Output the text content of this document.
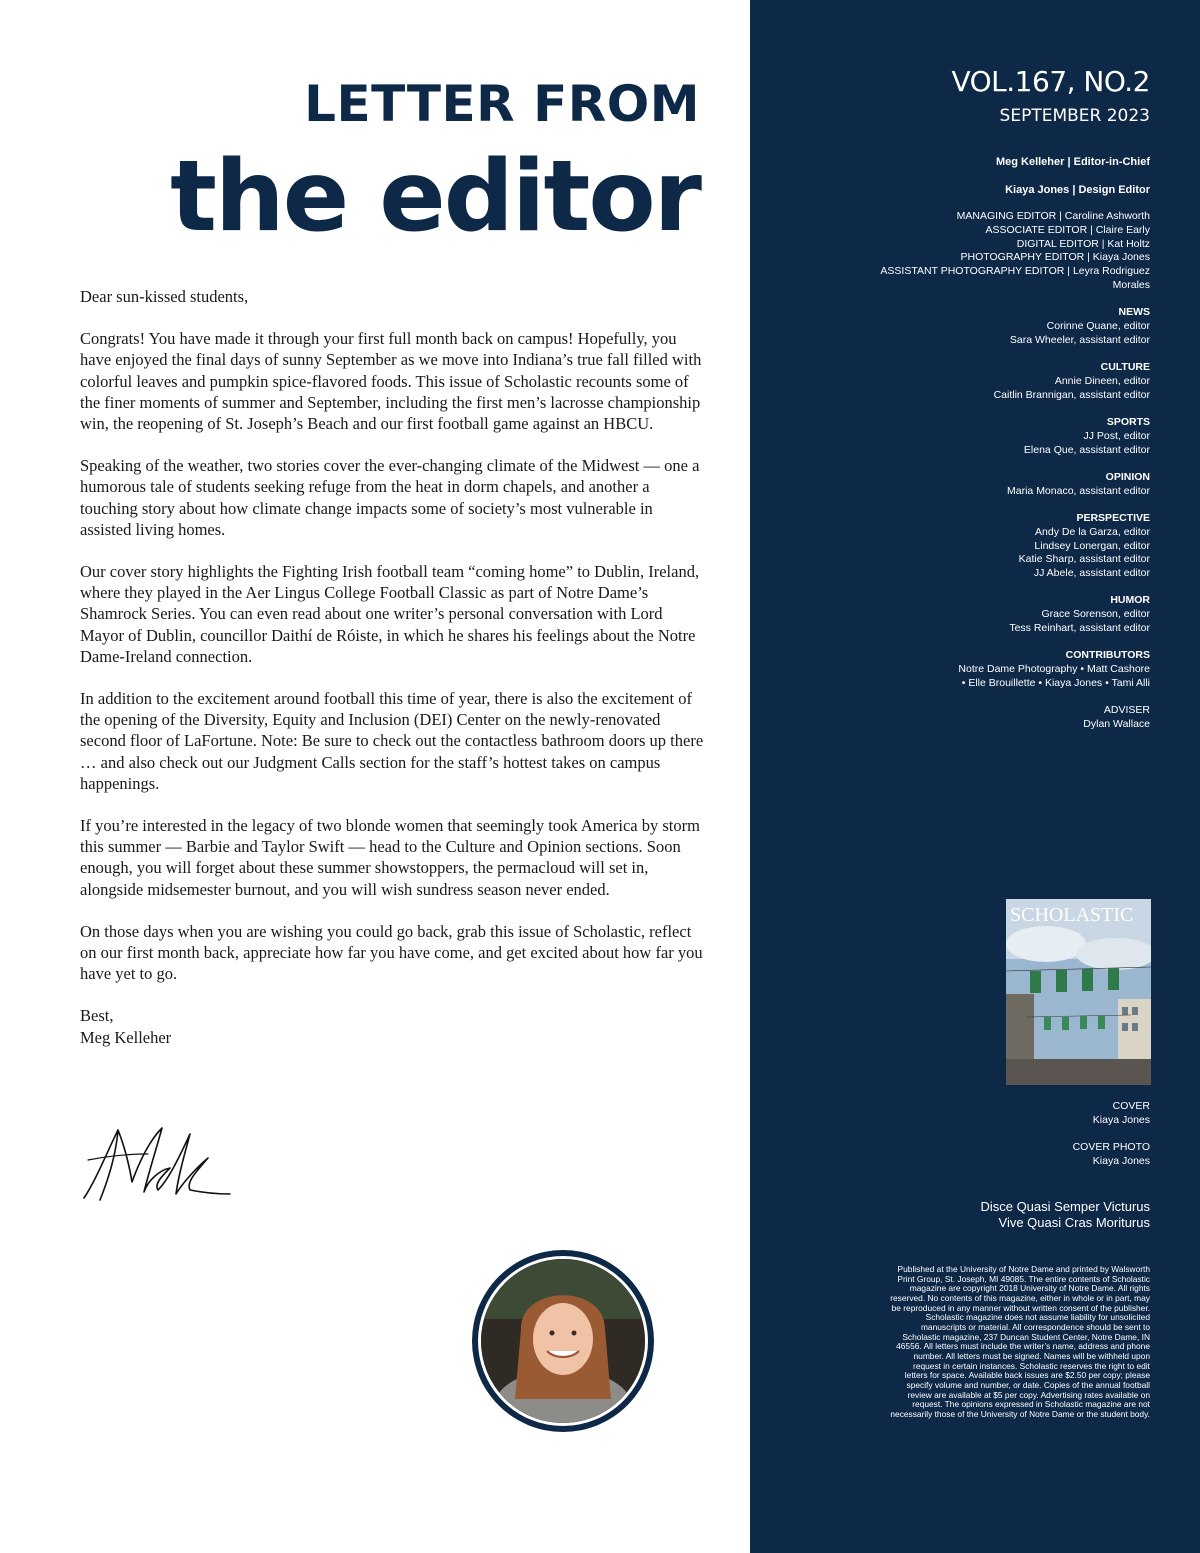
LETTER FROM
the editor

Dear sun-kissed students,

Congrats! You have made it through your first full month back on campus! Hopefully, you have enjoyed the final days of sunny September as we move into Indiana’s true fall filled with colorful leaves and pumpkin spice-flavored foods. This issue of Scholastic recounts some of the finer moments of summer and September, including the first men’s lacrosse championship win, the reopening of St. Joseph’s Beach and our first football game against an HBCU.

Speaking of the weather, two stories cover the ever-changing climate of the Midwest — one a humorous tale of students seeking refuge from the heat in dorm chapels, and another a touching story about how climate change impacts some of society’s most vulnerable in assisted living homes.

Our cover story highlights the Fighting Irish football team “coming home” to Dublin, Ireland, where they played in the Aer Lingus College Football Classic as part of Notre Dame’s Shamrock Series. You can even read about one writer’s personal conversation with Lord Mayor of Dublin, councillor Daithí de Róiste, in which he shares his feelings about the Notre Dame-Ireland connection.

In addition to the excitement around football this time of year, there is also the excitement of the opening of the Diversity, Equity and Inclusion (DEI) Center on the newly-renovated second floor of LaFortune. Note: Be sure to check out the contactless bathroom doors up there … and also check out our Judgment Calls section for the staff’s hottest takes on campus happenings.

If you’re interested in the legacy of two blonde women that seemingly took America by storm this summer — Barbie and Taylor Swift — head to the Culture and Opinion sections. Soon enough, you will forget about these summer showstoppers, the permacloud will set in, alongside midsemester burnout, and you will wish sundress season never ended.

On those days when you are wishing you could go back, grab this issue of Scholastic, reflect on our first month back, appreciate how far you have come, and get excited about how far you have yet to go.

Best,
Meg Kelleher
VOL.167, NO.2
SEPTEMBER 2023
Meg Kelleher | Editor-in-Chief
Kiaya Jones | Design Editor
MANAGING EDITOR | Caroline Ashworth
ASSOCIATE EDITOR | Claire Early
DIGITAL EDITOR | Kat Holtz
PHOTOGRAPHY EDITOR | Kiaya Jones
ASSISTANT PHOTOGRAPHY EDITOR | Leyra Rodriguez
Morales
NEWS
Corinne Quane, editor
Sara Wheeler, assistant editor
CULTURE
Annie Dineen, editor
Caitlin Brannigan, assistant editor
SPORTS
JJ Post, editor
Elena Que, assistant editor
OPINION
Maria Monaco, assistant editor
PERSPECTIVE
Andy De la Garza, editor
Lindsey Lonergan, editor
Katie Sharp, assistant editor
JJ Abele, assistant editor
HUMOR
Grace Sorenson, editor
Tess Reinhart, assistant editor
CONTRIBUTORS
Notre Dame Photography • Matt Cashore
• Elle Brouillette • Kiaya Jones • Tami Alli
ADVISER
Dylan Wallace
SCHOLASTIC
COVER
Kiaya Jones
COVER PHOTO
Kiaya Jones
Disce Quasi Semper Victurus
Vive Quasi Cras Moriturus
Published at the University of Notre Dame and printed by Walsworth Print Group, St. Joseph, MI 49085. The entire contents of Scholastic magazine are copyright 2018 University of Notre Dame. All rights reserved. No contents of this magazine, either in whole or in part, may be reproduced in any manner without written consent of the publisher. Scholastic magazine does not assume liability for unsolicited manuscripts or material. All correspondence should be sent to Scholastic magazine, 237 Duncan Student Center, Notre Dame, IN 46556. All letters must include the writer’s name, address and phone number. All letters must be signed. Names will be withheld upon request in certain instances. Scholastic reserves the right to edit letters for space. Available back issues are $2.50 per copy; please specify volume and number, or date. Copies of the annual football review are available at $5 per copy. Advertising rates available on request. The opinions expressed in Scholastic magazine are not necessarily those of the University of Notre Dame or the student body.
